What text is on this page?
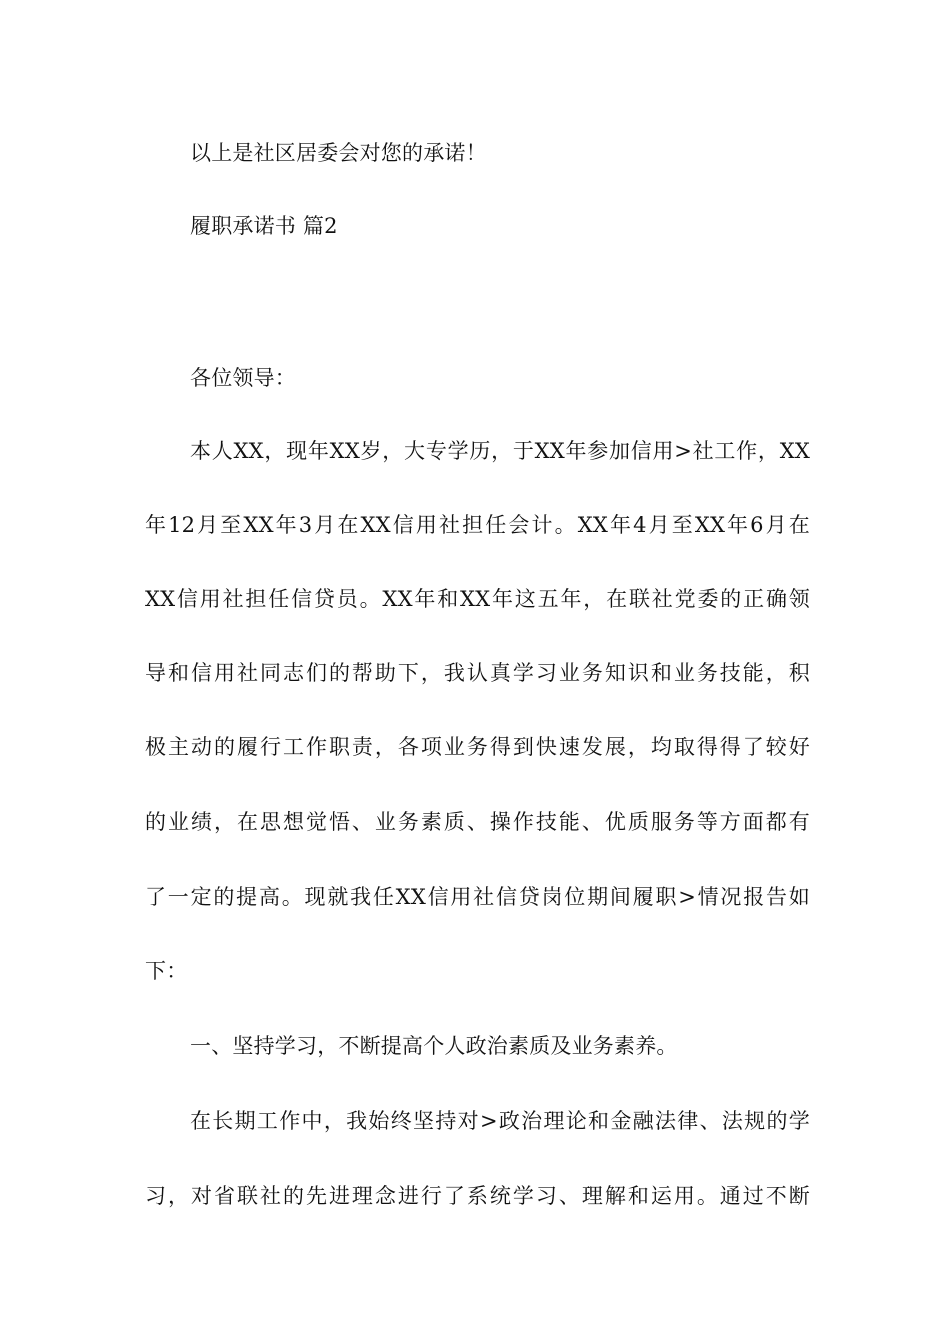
以上是社区居委会对您的承诺！
履职承诺书 篇2
各位领导：
本人XX，现年XX岁，大专学历，于XX年参加信用>社工作，XX
年12月至XX年3月在XX信用社担任会计。XX年4月至XX年6月在
XX信用社担任信贷员。XX年和XX年这五年，在联社党委的正确领
导和信用社同志们的帮助下，我认真学习业务知识和业务技能，积
极主动的履行工作职责，各项业务得到快速发展，均取得得了较好
的业绩，在思想觉悟、业务素质、操作技能、优质服务等方面都有
了一定的提高。现就我任XX信用社信贷岗位期间履职>情况报告如
下：
一、坚持学习，不断提高个人政治素质及业务素养。
在长期工作中，我始终坚持对>政治理论和金融法律、法规的学
习，对省联社的先进理念进行了系统学习、理解和运用。通过不断
